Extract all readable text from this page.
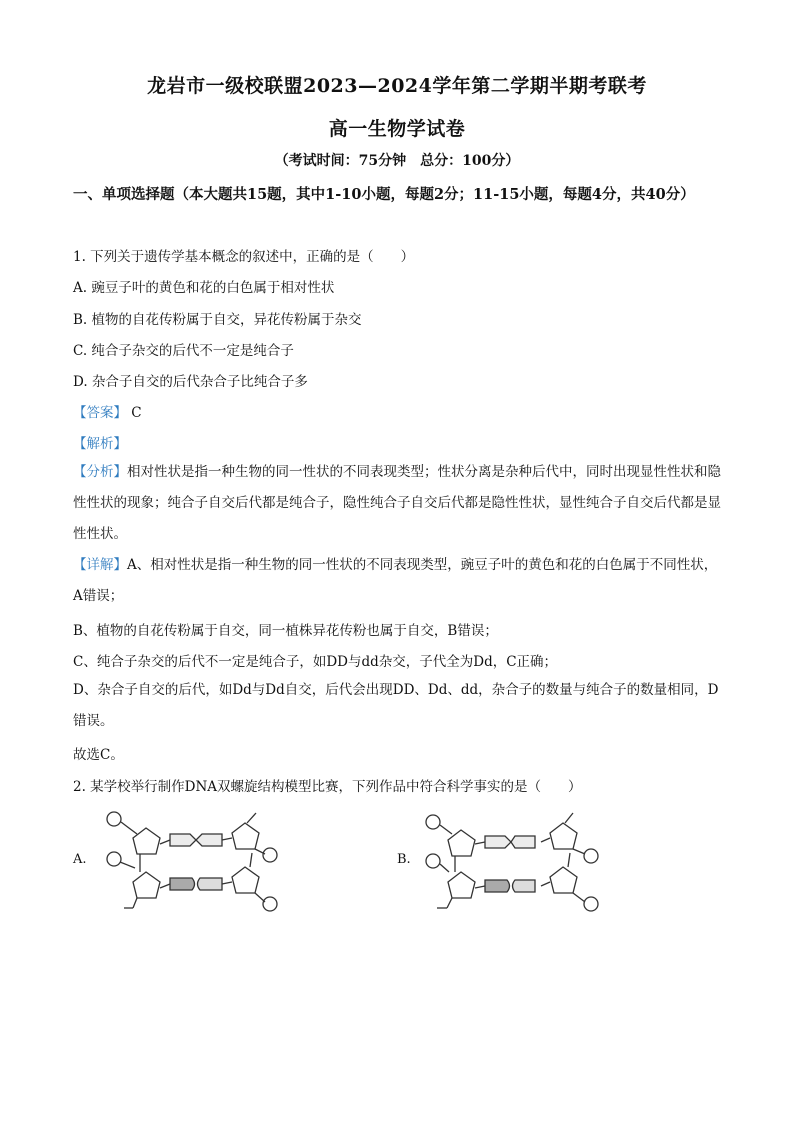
龙岩市一级校联盟2023—2024学年第二学期半期考联考
高一生物学试卷
（考试时间：75分钟　总分：100分）
一、单项选择题（本大题共15题，其中1-10小题，每题2分；11-15小题，每题4分，共40分）
1. 下列关于遗传学基本概念的叙述中，正确的是（　　）
A. 豌豆子叶的黄色和花的白色属于相对性状
B. 植物的自花传粉属于自交，异花传粉属于杂交
C. 纯合子杂交的后代不一定是纯合子
D. 杂合子自交的后代杂合子比纯合子多
【答案】 C
【解析】
【分析】相对性状是指一种生物的同一性状的不同表现类型；性状分离是杂种后代中，同时出现显性性状和隐性性状的现象；纯合子自交后代都是纯合子，隐性纯合子自交后代都是隐性性状，显性纯合子自交后代都是显性性状。
【详解】A、相对性状是指一种生物的同一性状的不同表现类型，豌豆子叶的黄色和花的白色属于不同性状，A错误；
B、植物的自花传粉属于自交，同一植株异花传粉也属于自交，B错误；
C、纯合子杂交的后代不一定是纯合子，如DD与dd杂交，子代全为Dd，C正确；
D、杂合子自交的后代，如Dd与Dd自交，后代会出现DD、Dd、dd，杂合子的数量与纯合子的数量相同，D错误。
故选C。
2. 某学校举行制作DNA双螺旋结构模型比赛，下列作品中符合科学事实的是（　　）
A.	B.
